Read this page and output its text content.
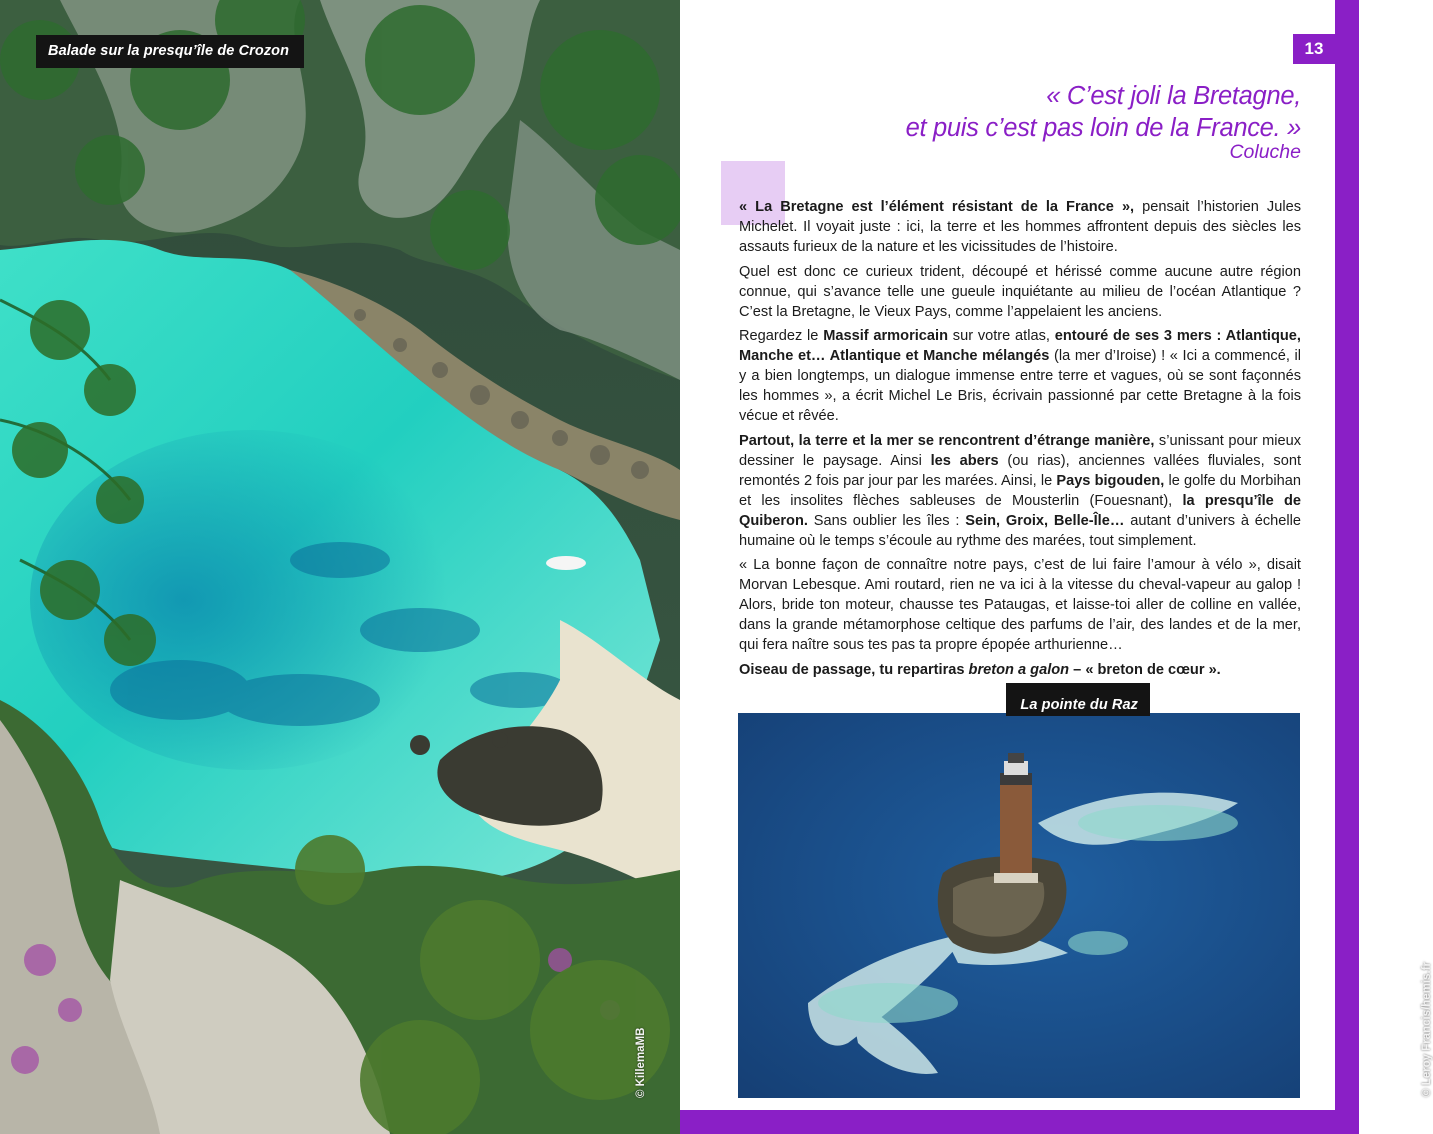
Balade sur la presqu’île de Crozon
© KillemaMB
13
« C’est joli la Bretagne,
et puis c’est pas loin de la France. »
Coluche

« La Bretagne est l’élément résistant de la France », pensait l’historien Jules Michelet. Il voyait juste : ici, la terre et les hommes affrontent depuis des siècles les assauts furieux de la nature et les vicissitudes de l’histoire.

Quel est donc ce curieux trident, découpé et hérissé comme aucune autre région connue, qui s’avance telle une gueule inquiétante au milieu de l’océan Atlantique ? C’est la Bretagne, le Vieux Pays, comme l’appelaient les anciens.

Regardez le Massif armoricain sur votre atlas, entouré de ses 3 mers : Atlantique, Manche et… Atlantique et Manche mélangés (la mer d’Iroise) ! « Ici a commencé, il y a bien longtemps, un dialogue immense entre terre et vagues, où se sont façonnés les hommes », a écrit Michel Le Bris, écrivain passionné par cette Bretagne à la fois vécue et rêvée.

Partout, la terre et la mer se rencontrent d’étrange manière, s’unissant pour mieux dessiner le paysage. Ainsi les abers (ou rias), anciennes vallées fluviales, sont remontés 2 fois par jour par les marées. Ainsi, le Pays bigouden, le golfe du Morbihan et les insolites flèches sableuses de Mousterlin (Fouesnant), la presqu’île de Quiberon. Sans oublier les îles : Sein, Groix, Belle-Île… autant d’univers à échelle humaine où le temps s’écoule au rythme des marées, tout simplement.

« La bonne façon de connaître notre pays, c’est de lui faire l’amour à vélo », disait Morvan Lebesque. Ami routard, rien ne va ici à la vitesse du cheval-vapeur au galop ! Alors, bride ton moteur, chausse tes Pataugas, et laisse-toi aller de colline en vallée, dans la grande métamorphose celtique des parfums de l’air, des landes et de la mer, qui fera naître sous tes pas ta propre épopée arthurienne…

Oiseau de passage, tu repartiras breton a galon – « breton de cœur ».

La pointe du Raz
© Leroy Francis/hemis.fr
